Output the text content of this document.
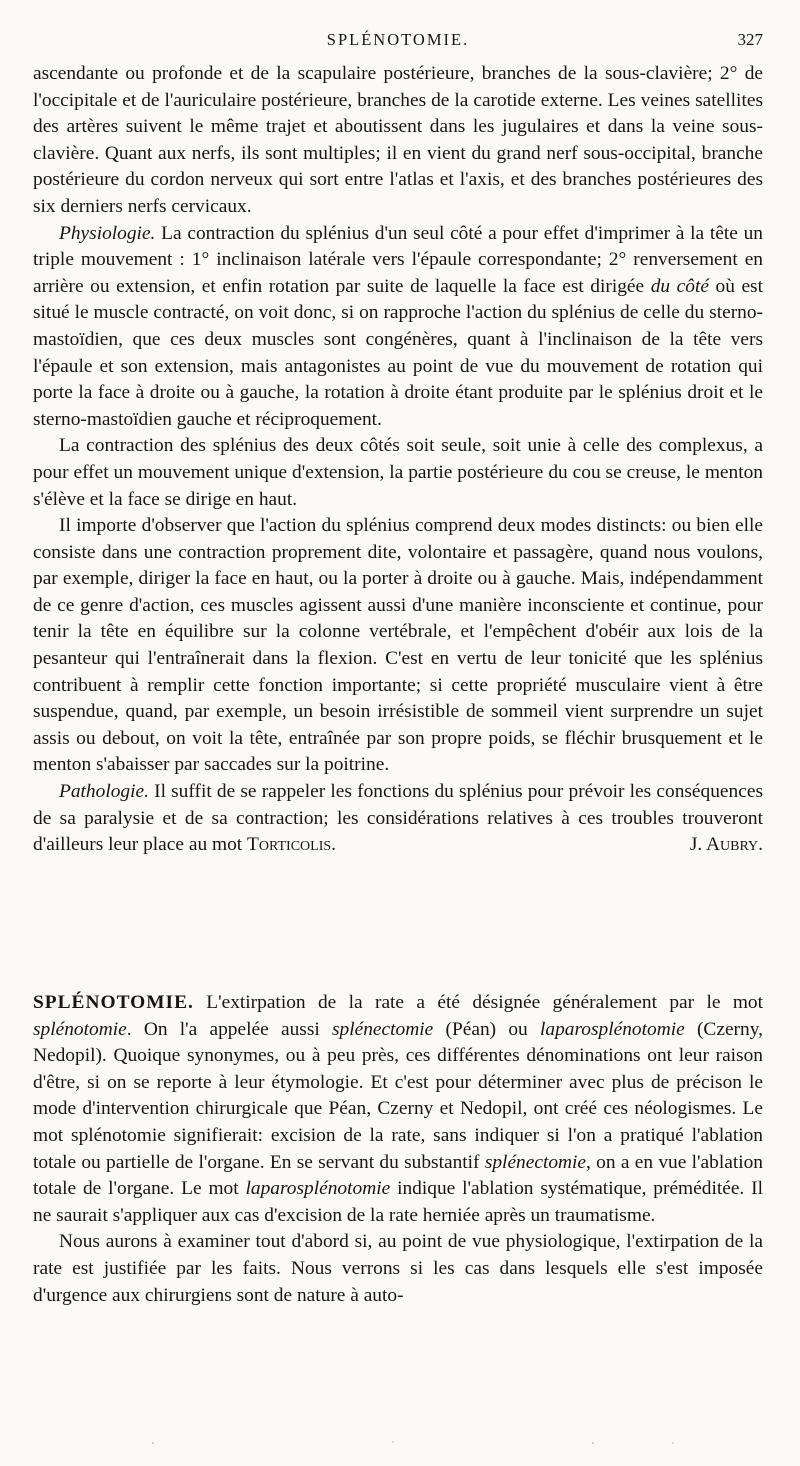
SPLÉNOTOMIE.	327

ascendante ou profonde et de la scapulaire postérieure, branches de la sous-clavière; 2° de l'occipitale et de l'auriculaire postérieure, branches de la carotide externe. Les veines satellites des artères suivent le même trajet et aboutissent dans les jugulaires et dans la veine sous-clavière. Quant aux nerfs, ils sont multiples; il en vient du grand nerf sous-occipital, branche postérieure du cordon nerveux qui sort entre l'atlas et l'axis, et des branches postérieures des six derniers nerfs cervicaux.

Physiologie. La contraction du splénius d'un seul côté a pour effet d'imprimer à la tête un triple mouvement : 1° inclinaison latérale vers l'épaule correspondante; 2° renversement en arrière ou extension, et enfin rotation par suite de laquelle la face est dirigée du côté où est situé le muscle contracté, on voit donc, si on rapproche l'action du splénius de celle du sterno-mastoïdien, que ces deux muscles sont congénères, quant à l'inclinaison de la tête vers l'épaule et son extension, mais antagonistes au point de vue du mouvement de rotation qui porte la face à droite ou à gauche, la rotation à droite étant produite par le splénius droit et le sterno-mastoïdien gauche et réciproquement.

La contraction des splénius des deux côtés soit seule, soit unie à celle des complexus, a pour effet un mouvement unique d'extension, la partie postérieure du cou se creuse, le menton s'élève et la face se dirige en haut.

Il importe d'observer que l'action du splénius comprend deux modes distincts: ou bien elle consiste dans une contraction proprement dite, volontaire et passagère, quand nous voulons, par exemple, diriger la face en haut, ou la porter à droite ou à gauche. Mais, indépendamment de ce genre d'action, ces muscles agissent aussi d'une manière inconsciente et continue, pour tenir la tête en équilibre sur la colonne vertébrale, et l'empêchent d'obéir aux lois de la pesanteur qui l'entraînerait dans la flexion. C'est en vertu de leur tonicité que les splénius contribuent à remplir cette fonction importante; si cette propriété musculaire vient à être suspendue, quand, par exemple, un besoin irrésistible de sommeil vient surprendre un sujet assis ou debout, on voit la tête, entraînée par son propre poids, se fléchir brusquement et le menton s'abaisser par saccades sur la poitrine.

Pathologie. Il suffit de se rappeler les fonctions du splénius pour prévoir les conséquences de sa paralysie et de sa contraction; les considérations relatives à ces troubles trouveront d'ailleurs leur place au mot Torticolis.	J. Aubry.

SPLÉNOTOMIE. L'extirpation de la rate a été désignée généralement par le mot splénotomie. On l'a appelée aussi splénectomie (Péan) ou laparosplénotomie (Czerny, Nedopil). Quoique synonymes, ou à peu près, ces différentes dénominations ont leur raison d'être, si on se reporte à leur étymologie. Et c'est pour déterminer avec plus de précison le mode d'intervention chirurgicale que Péan, Czerny et Nedopil, ont créé ces néologismes. Le mot splénotomie signifierait: excision de la rate, sans indiquer si l'on a pratiqué l'ablation totale ou partielle de l'organe. En se servant du substantif splénectomie, on a en vue l'ablation totale de l'organe. Le mot laparosplénotomie indique l'ablation systématique, préméditée. Il ne saurait s'appliquer aux cas d'excision de la rate herniée après un traumatisme.

Nous aurons à examiner tout d'abord si, au point de vue physiologique, l'extirpation de la rate est justifiée par les faits. Nous verrons si les cas dans lesquels elle s'est imposée d'urgence aux chirurgiens sont de nature à auto-
